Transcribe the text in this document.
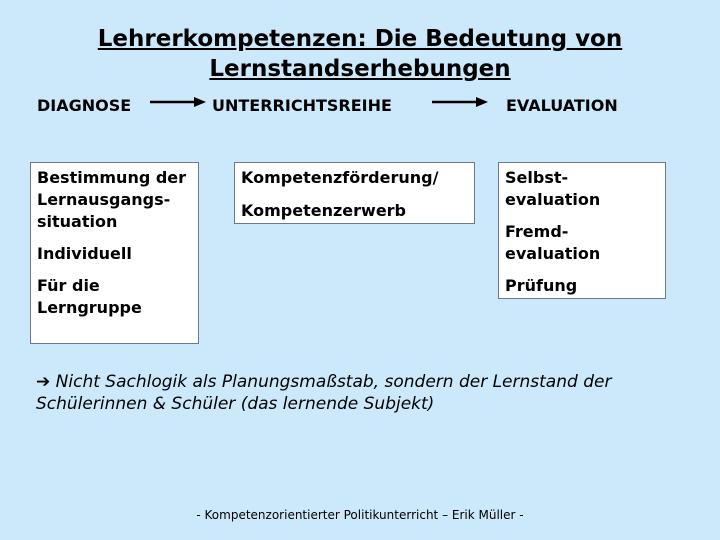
Lehrerkompetenzen: Die Bedeutung von
Lernstandserhebungen
DIAGNOSE	UNTERRICHTSREIHE	EVALUATION

Bestimmung der Lernausgangs-situation

Individuell

Für die Lerngruppe

Kompetenzförderung/

Kompetenzerwerb

Selbst-evaluation

Fremd-evaluation

Prüfung

➔ Nicht Sachlogik als Planungsmaßstab, sondern der Lernstand der Schülerinnen & Schüler (das lernende Subjekt)
- Kompetenzorientierter Politikunterricht – Erik Müller -
